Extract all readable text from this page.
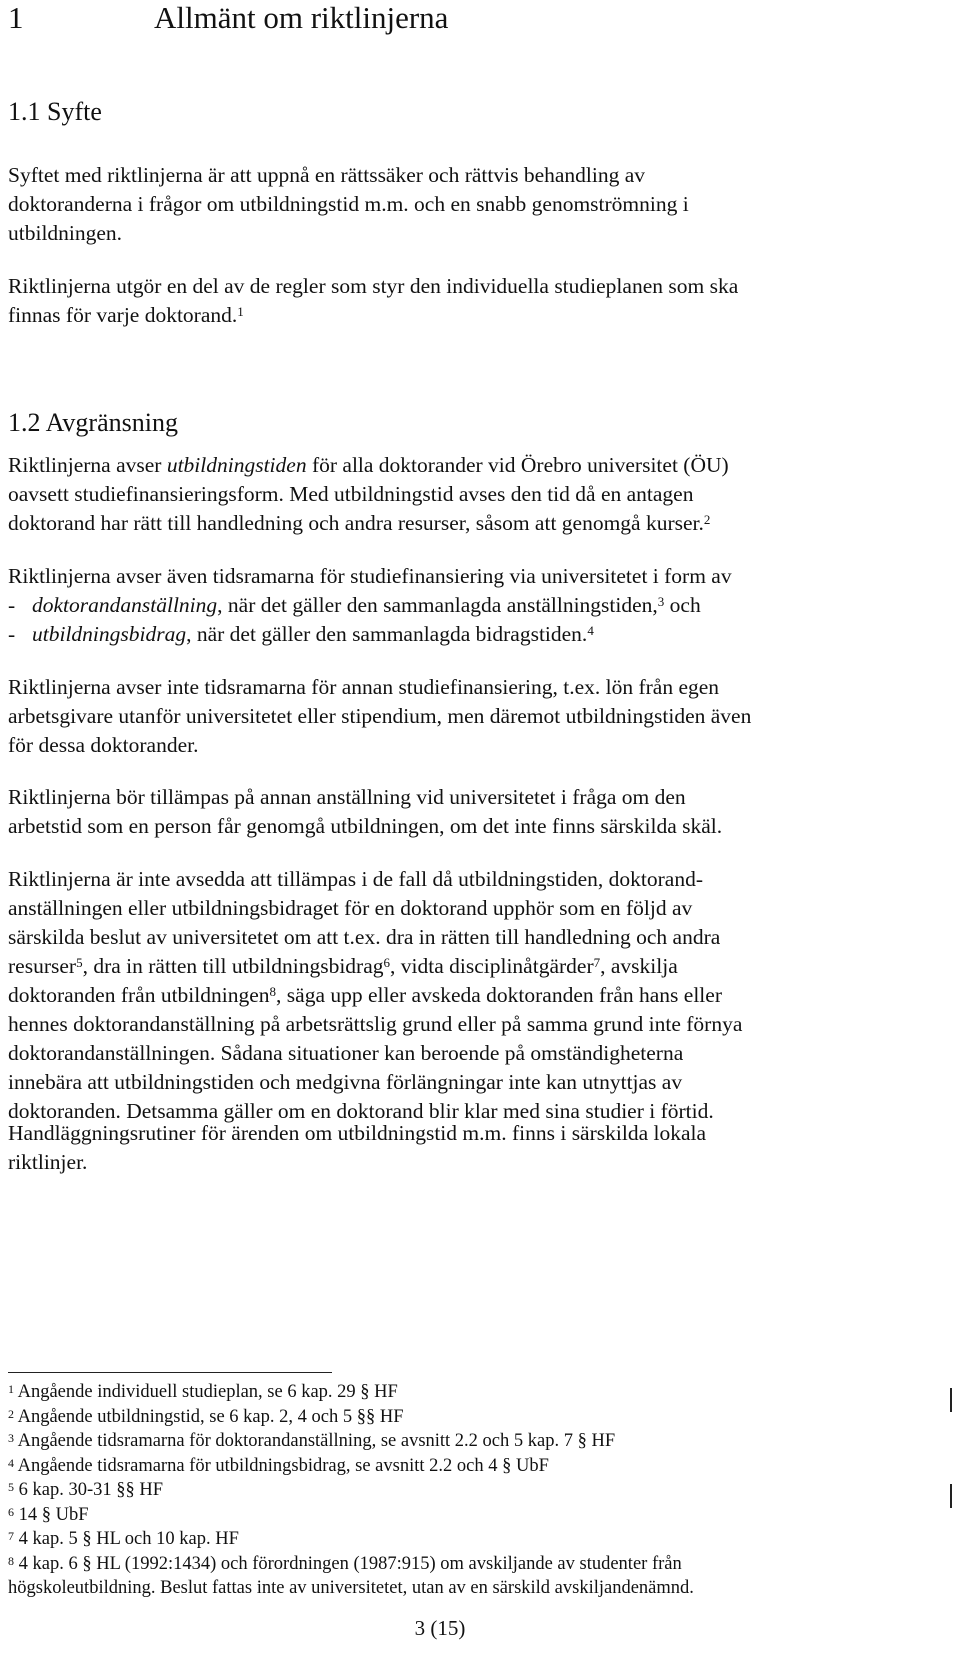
1	Allmänt om riktlinjerna
1.1 Syfte

Syftet med riktlinjerna är att uppnå en rättssäker och rättvis behandling av
doktoranderna i frågor om utbildningstid m.m. och en snabb genomströmning i
utbildningen.

Riktlinjerna utgör en del av de regler som styr den individuella studieplanen som ska
finnas för varje doktorand.$^1$

1.2 Avgränsning

Riktlinjerna avser utbildningstiden för alla doktorander vid Örebro universitet (ÖU)
oavsett studiefinansieringsform. Med utbildningstid avses den tid då en antagen
doktorand har rätt till handledning och andra resurser, såsom att genomgå kurser.$^2$

Riktlinjerna avser även tidsramarna för studiefinansiering via universitetet i form av
- doktorandanställning, när det gäller den sammanlagda anställningstiden,$^3$ och
- utbildningsbidrag, när det gäller den sammanlagda bidragstiden.$^4$

Riktlinjerna avser inte tidsramarna för annan studiefinansiering, t.ex. lön från egen
arbetsgivare utanför universitetet eller stipendium, men däremot utbildningstiden även
för dessa doktorander.

Riktlinjerna bör tillämpas på annan anställning vid universitetet i fråga om den
arbetstid som en person får genomgå utbildningen, om det inte finns särskilda skäl.

Riktlinjerna är inte avsedda att tillämpas i de fall då utbildningstiden, doktorand-
anställningen eller utbildningsbidraget för en doktorand upphör som en följd av
särskilda beslut av universitetet om att t.ex. dra in rätten till handledning och andra
resurser$^5$, dra in rätten till utbildningsbidrag$^6$, vidta disciplinåtgärder$^7$, avskilja
doktoranden från utbildningen$^8$, säga upp eller avskeda doktoranden från hans eller
hennes doktorandanställning på arbetsrättslig grund eller på samma grund inte förnya
doktorandanställningen. Sådana situationer kan beroende på omständigheterna
innebära att utbildningstiden och medgivna förlängningar inte kan utnyttjas av
doktoranden. Detsamma gäller om en doktorand blir klar med sina studier i förtid.

Handläggningsrutiner för ärenden om utbildningstid m.m. finns i särskilda lokala
riktlinjer.

$^1$ Angående individuell studieplan, se 6 kap. 29 § HF
$^2$ Angående utbildningstid, se 6 kap. 2, 4 och 5 §§ HF
$^3$ Angående tidsramarna för doktorandanställning, se avsnitt 2.2 och 5 kap. 7 § HF
$^4$ Angående tidsramarna för utbildningsbidrag, se avsnitt 2.2 och 4 § UbF
$^5$ 6 kap. 30-31 §§ HF
$^6$ 14 § UbF
$^7$ 4 kap. 5 § HL och 10 kap. HF
$^8$ 4 kap. 6 § HL (1992:1434) och förordningen (1987:915) om avskiljande av studenter från
högskoleutbildning. Beslut fattas inte av universitetet, utan av en särskild avskiljandenämnd.
3 (15)
